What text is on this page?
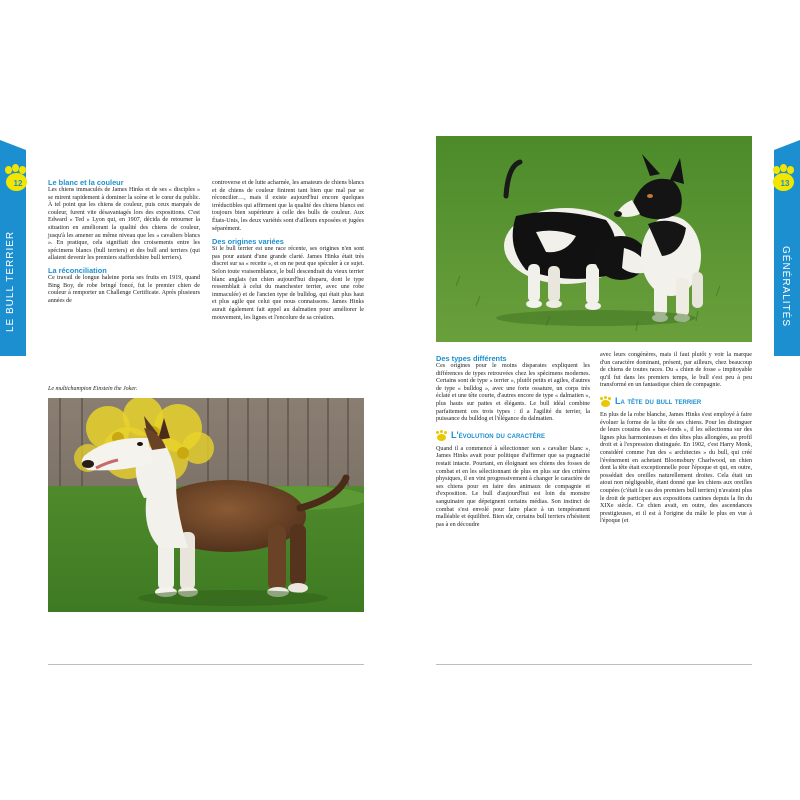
LE BULL TERRIER
12	Le blanc et la couleur

Les chiens immaculés de James Hinks et de ses « disciples » se mirent rapidement à dominer la scène et le cœur du public. À tel point que les chiens de couleur, puis ceux marqués de couleur, furent vite désavantagés lors des expositions. C'est Edward « Ted » Lyon qui, en 1907, décida de retourner la situation en améliorant la qualité des chiens de couleur, jusqu'à les amener au même niveau que les « cavaliers blancs ». En pratique, cela signifiait des croisements entre les spécimens blancs (bull terriers) et des bull and terriers (qui allaient devenir les premiers staffordshire bull terriers).

La réconciliation

Ce travail de longue haleine porta ses fruits en 1919, quand Bing Boy, de robe bringé foncé, fut le premier chien de couleur à remporter un Challenge Certificate. Après plusieurs années de

controverse et de lutte acharnée, les amateurs de chiens blancs et de chiens de couleur finirent tant bien que mal par se réconcilier…, mais il existe aujourd'hui encore quelques irréductibles qui affirment que la qualité des chiens blancs est toujours bien supérieure à celle des bulls de couleur. Aux États-Unis, les deux variétés sont d'ailleurs exposées et jugées séparément.

Des origines variées

Si le bull terrier est une race récente, ses origines n'en sont pas pour autant d'une grande clarté. James Hinks était très discret sur sa « recette », et on ne peut que spéculer à ce sujet. Selon toute vraisemblance, le bull descendrait du vieux terrier blanc anglais (un chien aujourd'hui disparu, dont le type ressemblait à celui du manchester terrier, avec une robe immaculée) et de l'ancien type de bulldog, qui était plus haut et plus agile que celui que nous connaissons. James Hinks aurait également fait appel au dalmatien pour améliorer le mouvement, les lignes et l'encolure de sa création.

Le multichampion Einstein the Joker.
GÉNÉRALITÉS
13
Des types différents

Ces origines pour le moins disparates expliquent les différences de types retrouvées chez les spécimens modernes. Certains sont de type « terrier », plutôt petits et agiles, d'autres de type « bulldog », avec une forte ossature, un corps très éclaté et une tête courte, d'autres encore de type « dalmatien », plus hauts sur pattes et élégants. Le bull idéal combine parfaitement ces trois types : il a l'agilité du terrier, la puissance du bulldog et l'élégance du dalmatien.

L'évolution du caractère

Quand il a commencé à sélectionner son « cavalier blanc », James Hinks avait pour politique d'affirmer que sa pugnacité restait intacte. Pourtant, en éloignant ses chiens des fosses de combat et en les sélectionnant de plus en plus sur des critères physiques, il en vint progressivement à changer le caractère de ses chiens pour en faire des animaux de compagnie et d'exposition. Le bull d'aujourd'hui est loin du monstre sanguinaire que dépeignent certains médias. Son instinct de combat s'est envolé pour faire place à un tempérament malléable et équilibré. Bien sûr, certains bull terriers n'hésitent pas à en découdre

avec leurs congénères, mais il faut plutôt y voir la marque d'un caractère dominant, présent, par ailleurs, chez beaucoup de chiens de toutes races. Du « chien de fosse » impitoyable qu'il fut dans les premiers temps, le bull s'est peu à peu transformé en un fantastique chien de compagnie.

La tête du bull terrier

En plus de la robe blanche, James Hinks s'est employé à faire évoluer la forme de la tête de ses chiens. Pour les distinguer de leurs cousins des « bas-fonds », il les sélectionna sur des lignes plus harmonieuses et des têtes plus allongées, au profil droit et à l'expression distinguée. En 1902, c'est Harry Monk, considéré comme l'un des « architectes » du bull, qui créé l'événement en achetant Bloomsbury Charlwood, un chien dont la tête était exceptionnelle pour l'époque et qui, en outre, possédait des oreilles naturellement droites. Cela était un atout non négligeable, étant donné que les chiens aux oreilles coupées (c'était le cas des premiers bull terriers) n'avaient plus le droit de participer aux expositions canines depuis la fin du XIXe siècle. Ce chien avait, en outre, des ascendances prestigieuses, et il est à l'origine du mâle le plus en vue à l'époque (et
